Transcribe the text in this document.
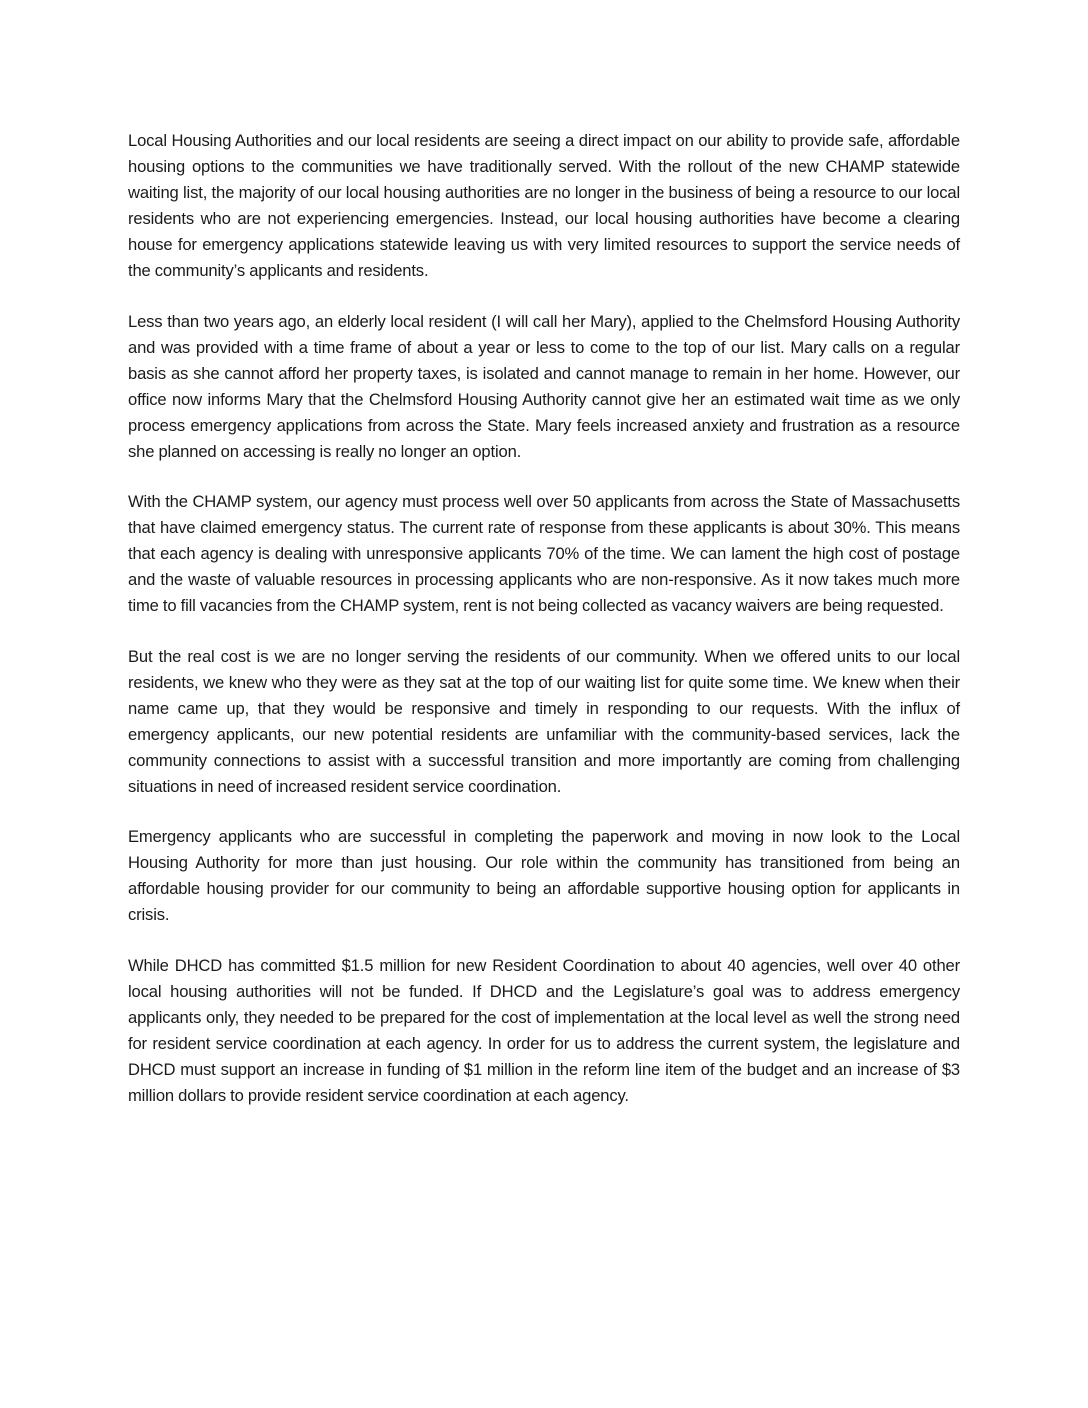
Local Housing Authorities and our local residents are seeing a direct impact on our ability to provide safe, affordable housing options to the communities we have traditionally served. With the rollout of the new CHAMP statewide waiting list, the majority of our local housing authorities are no longer in the business of being a resource to our local residents who are not experiencing emergencies. Instead, our local housing authorities have become a clearing house for emergency applications statewide leaving us with very limited resources to support the service needs of the community’s applicants and residents.

Less than two years ago, an elderly local resident (I will call her Mary), applied to the Chelmsford Housing Authority and was provided with a time frame of about a year or less to come to the top of our list. Mary calls on a regular basis as she cannot afford her property taxes, is isolated and cannot manage to remain in her home. However, our office now informs Mary that the Chelmsford Housing Authority cannot give her an estimated wait time as we only process emergency applications from across the State. Mary feels increased anxiety and frustration as a resource she planned on accessing is really no longer an option.

With the CHAMP system, our agency must process well over 50 applicants from across the State of Massachusetts that have claimed emergency status. The current rate of response from these applicants is about 30%. This means that each agency is dealing with unresponsive applicants 70% of the time. We can lament the high cost of postage and the waste of valuable resources in processing applicants who are non-responsive. As it now takes much more time to fill vacancies from the CHAMP system, rent is not being collected as vacancy waivers are being requested.

But the real cost is we are no longer serving the residents of our community. When we offered units to our local residents, we knew who they were as they sat at the top of our waiting list for quite some time. We knew when their name came up, that they would be responsive and timely in responding to our requests. With the influx of emergency applicants, our new potential residents are unfamiliar with the community-based services, lack the community connections to assist with a successful transition and more importantly are coming from challenging situations in need of increased resident service coordination.

Emergency applicants who are successful in completing the paperwork and moving in now look to the Local Housing Authority for more than just housing. Our role within the community has transitioned from being an affordable housing provider for our community to being an affordable supportive housing option for applicants in crisis.

While DHCD has committed $1.5 million for new Resident Coordination to about 40 agencies, well over 40 other local housing authorities will not be funded. If DHCD and the Legislature’s goal was to address emergency applicants only, they needed to be prepared for the cost of implementation at the local level as well the strong need for resident service coordination at each agency. In order for us to address the current system, the legislature and DHCD must support an increase in funding of $1 million in the reform line item of the budget and an increase of $3 million dollars to provide resident service coordination at each agency.
